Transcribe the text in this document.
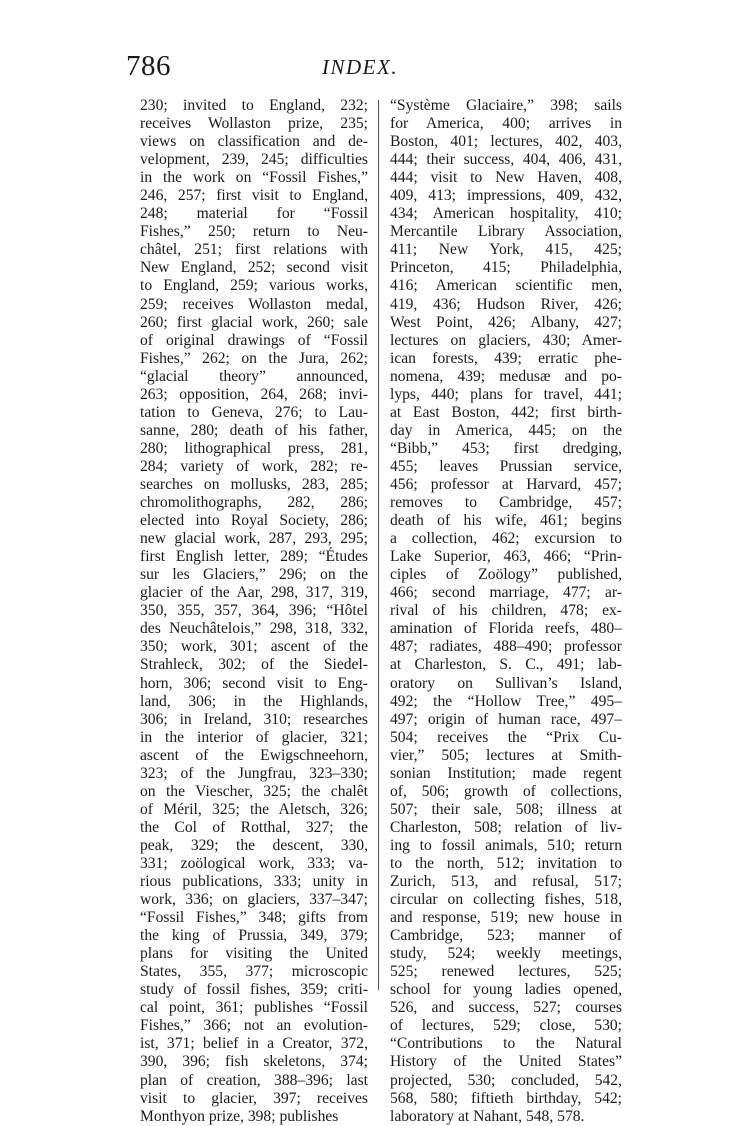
786	INDEX.
230; invited to England, 232;
receives Wollaston prize, 235;
views on classification and de-
velopment, 239, 245; difficulties
in the work on “Fossil Fishes,”
246, 257; first visit to England,
248; material for “Fossil
Fishes,” 250; return to Neu-
châtel, 251; first relations with
New England, 252; second visit
to England, 259; various works,
259; receives Wollaston medal,
260; first glacial work, 260; sale
of original drawings of “Fossil
Fishes,” 262; on the Jura, 262;
“glacial theory” announced,
263; opposition, 264, 268; invi-
tation to Geneva, 276; to Lau-
sanne, 280; death of his father,
280; lithographical press, 281,
284; variety of work, 282; re-
searches on mollusks, 283, 285;
chromolithographs, 282, 286;
elected into Royal Society, 286;
new glacial work, 287, 293, 295;
first English letter, 289; “Études
sur les Glaciers,” 296; on the
glacier of the Aar, 298, 317, 319,
350, 355, 357, 364, 396; “Hôtel
des Neuchâtelois,” 298, 318, 332,
350; work, 301; ascent of the
Strahleck, 302; of the Siedel-
horn, 306; second visit to Eng-
land, 306; in the Highlands,
306; in Ireland, 310; researches
in the interior of glacier, 321;
ascent of the Ewigschneehorn,
323; of the Jungfrau, 323–330;
on the Viescher, 325; the chalêt
of Méril, 325; the Aletsch, 326;
the Col of Rotthal, 327; the
peak, 329; the descent, 330,
331; zoölogical work, 333; va-
rious publications, 333; unity in
work, 336; on glaciers, 337–347;
“Fossil Fishes,” 348; gifts from
the king of Prussia, 349, 379;
plans for visiting the United
States, 355, 377; microscopic
study of fossil fishes, 359; criti-
cal point, 361; publishes “Fossil
Fishes,” 366; not an evolution-
ist, 371; belief in a Creator, 372,
390, 396; fish skeletons, 374;
plan of creation, 388–396; last
visit to glacier, 397; receives
Monthyon prize, 398; publishes
“Système Glaciaire,” 398; sails
for America, 400; arrives in
Boston, 401; lectures, 402, 403,
444; their success, 404, 406, 431,
444; visit to New Haven, 408,
409, 413; impressions, 409, 432,
434; American hospitality, 410;
Mercantile Library Association,
411; New York, 415, 425;
Princeton, 415; Philadelphia,
416; American scientific men,
419, 436; Hudson River, 426;
West Point, 426; Albany, 427;
lectures on glaciers, 430; Amer-
ican forests, 439; erratic phe-
nomena, 439; medusæ and po-
lyps, 440; plans for travel, 441;
at East Boston, 442; first birth-
day in America, 445; on the
“Bibb,” 453; first dredging,
455; leaves Prussian service,
456; professor at Harvard, 457;
removes to Cambridge, 457;
death of his wife, 461; begins
a collection, 462; excursion to
Lake Superior, 463, 466; “Prin-
ciples of Zoölogy” published,
466; second marriage, 477; ar-
rival of his children, 478; ex-
amination of Florida reefs, 480–
487; radiates, 488–490; professor
at Charleston, S. C., 491; lab-
oratory on Sullivan’s Island,
492; the “Hollow Tree,” 495–
497; origin of human race, 497–
504; receives the “Prix Cu-
vier,” 505; lectures at Smith-
sonian Institution; made regent
of, 506; growth of collections,
507; their sale, 508; illness at
Charleston, 508; relation of liv-
ing to fossil animals, 510; return
to the north, 512; invitation to
Zurich, 513, and refusal, 517;
circular on collecting fishes, 518,
and response, 519; new house in
Cambridge, 523; manner of
study, 524; weekly meetings,
525; renewed lectures, 525;
school for young ladies opened,
526, and success, 527; courses
of lectures, 529; close, 530;
“Contributions to the Natural
History of the United States”
projected, 530; concluded, 542,
568, 580; fiftieth birthday, 542;
laboratory at Nahant, 548, 578.
